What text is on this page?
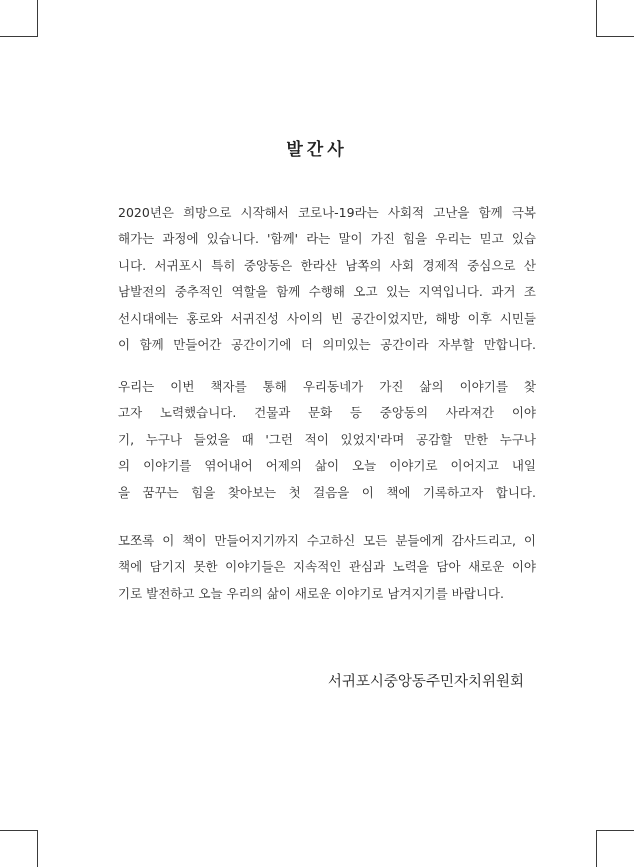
발간사
2020년은 희망으로 시작해서 코로나-19라는 사회적 고난을 함께 극복
해가는 과정에 있습니다. '함께' 라는 말이 가진 힘을 우리는 믿고 있습
니다. 서귀포시 특히 중앙동은 한라산 남쪽의 사회 경제적 중심으로 산
남발전의 중추적인 역할을 함께 수행해 오고 있는 지역입니다. 과거 조
선시대에는 홍로와 서귀진성 사이의 빈 공간이었지만, 해방 이후 시민들
이 함께 만들어간 공간이기에 더 의미있는 공간이라 자부할 만합니다.
우리는 이번 책자를 통해 우리동네가 가진 삶의 이야기를 찾
고자 노력했습니다. 건물과 문화 등 중앙동의 사라져간 이야
기, 누구나 들었을 때 '그런 적이 있었지'라며 공감할 만한 누구나
의 이야기를 엮어내어 어제의 삶이 오늘 이야기로 이어지고 내일
을 꿈꾸는 힘을 찾아보는 첫 걸음을 이 책에 기록하고자 합니다.
모쪼록 이 책이 만들어지기까지 수고하신 모든 분들에게 감사드리고, 이
책에 담기지 못한 이야기들은 지속적인 관심과 노력을 담아 새로운 이야
기로 발전하고 오늘 우리의 삶이 새로운 이야기로 남겨지기를 바랍니다.
서귀포시중앙동주민자치위원회
